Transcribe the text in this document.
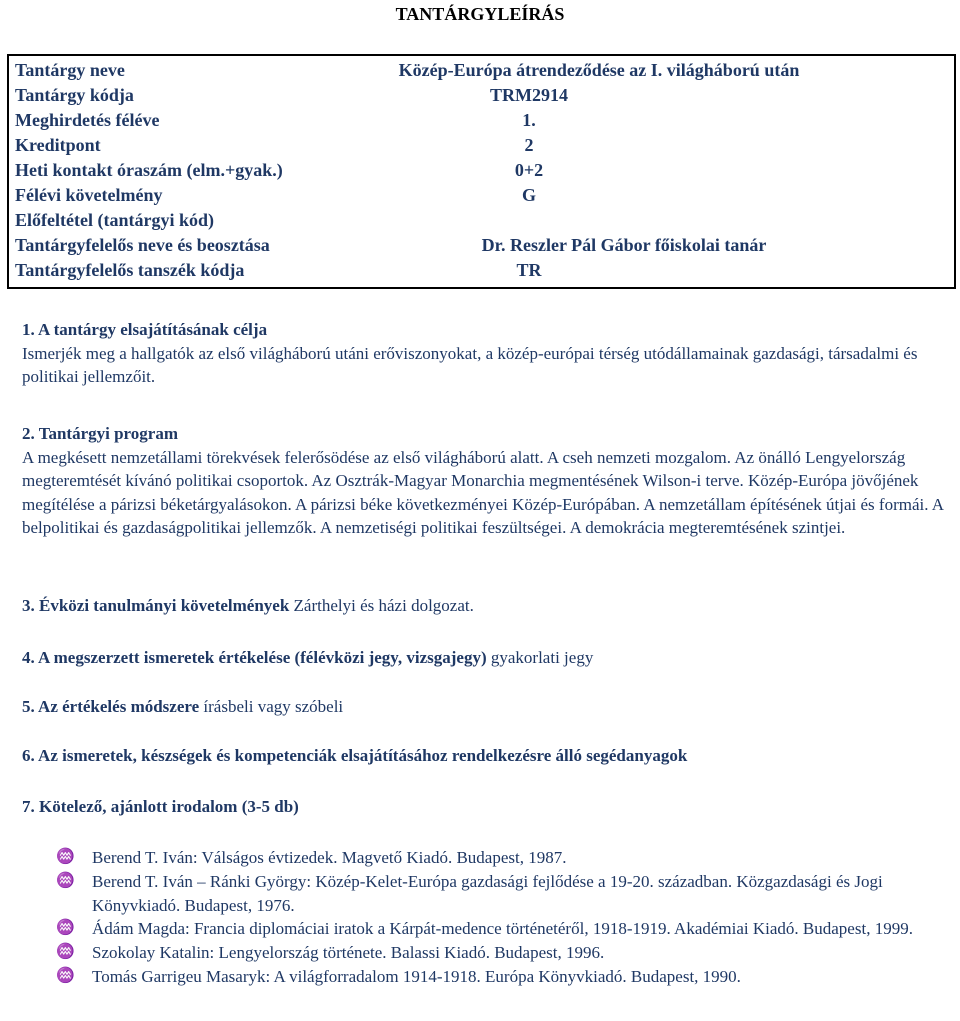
TANTÁRGYLEÍRÁS
Tantárgy neve	Közép-Európa átrendeződése az I. világháború után
Tantárgy kódja	TRM2914
Meghirdetés féléve	1.
Kreditpont	2
Heti kontakt óraszám (elm.+gyak.)	0+2
Félévi követelmény	G
Előfeltétel (tantárgyi kód)
Tantárgyfelelős neve és beosztása	Dr. Reszler Pál Gábor főiskolai tanár
Tantárgyfelelős tanszék kódja	TR
1. A tantárgy elsajátításának célja
Ismerjék meg a hallgatók az első világháború utáni erőviszonyokat, a közép-európai térség utódállamainak gazdasági, társadalmi és politikai jellemzőit.
2. Tantárgyi program
A megkésett nemzetállami törekvések felerősödése az első világháború alatt. A cseh nemzeti mozgalom. Az önálló Lengyelország megteremtését kívánó politikai csoportok. Az Osztrák-Magyar Monarchia megmentésének Wilson-i terve. Közép-Európa jövőjének megítélése a párizsi béketárgyalásokon. A párizsi béke következményei Közép-Európában. A nemzetállam építésének útjai és formái. A belpolitikai és gazdaságpolitikai jellemzők. A nemzetiségi politikai feszültségei. A demokrácia megteremtésének szintjei.
3. Évközi tanulmányi követelmények Zárthelyi és házi dolgozat.
4. A megszerzett ismeretek értékelése (félévközi jegy, vizsgajegy) gyakorlati jegy
5. Az értékelés módszere írásbeli vagy szóbeli
6. Az ismeretek, készségek és kompetenciák elsajátításához rendelkezésre álló segédanyagok
7. Kötelező, ajánlott irodalom (3-5 db)
♒ Berend T. Iván: Válságos évtizedek. Magvető Kiadó. Budapest, 1987.
♒ Berend T. Iván – Ránki György: Közép-Kelet-Európa gazdasági fejlődése a 19-20. században. Közgazdasági és Jogi Könyvkiadó. Budapest, 1976.
♒ Ádám Magda: Francia diplomáciai iratok a Kárpát-medence történetéről, 1918-1919. Akadémiai Kiadó. Budapest, 1999.
♒ Szokolay Katalin: Lengyelország története. Balassi Kiadó. Budapest, 1996.
♒ Tomás Garrigeu Masaryk: A világforradalom 1914-1918. Európa Könyvkiadó. Budapest, 1990.
